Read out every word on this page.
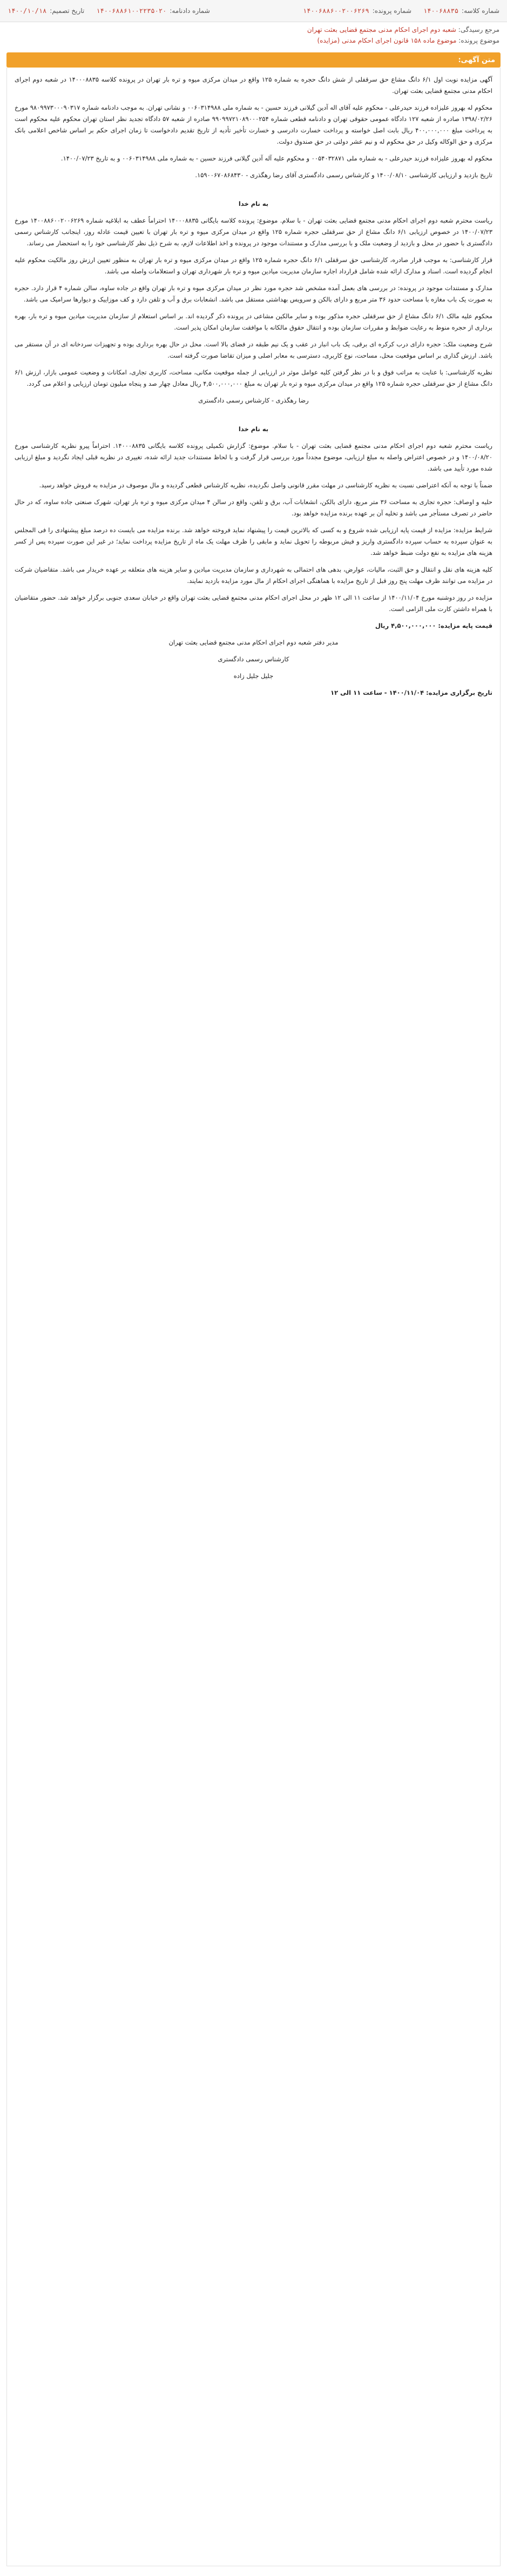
شماره کلاسه:
۱۴۰۰۶۸۸۳۵
شماره پرونده:
۱۴۰۰۶۸۸۶۰۰۲۰۰۶۲۶۹
شماره دادنامه:
۱۴۰۰۶۸۸۶۱۰۰۲۲۳۵۰۲۰
تاریخ تصمیم:
۱۴۰۰/۱۰/۱۸
مرجع رسیدگی: شعبه دوم اجرای احکام مدنی مجتمع قضایی بعثت تهران
موضوع پرونده: موضوع ماده ۱۵۸ قانون اجرای احکام مدنی (مزایده)
متن آگهی:

آگهی مزایده نوبت اول ۶/۱ دانگ مشاع حق سرقفلی از شش دانگ حجره به شماره ۱۲۵ واقع در میدان مرکزی میوه و تره بار تهران در پرونده کلاسه ۱۴۰۰۰۸۸۳۵ در شعبه دوم اجرای احکام مدنی مجتمع قضایی بعثت تهران.

محکوم له بهروز علیزاده فرزند حیدرعلی - محکوم علیه آقای اله آدین گیلانی فرزند حسین - به شماره ملی ۰۰۶۰۳۱۴۹۸۸ و نشانی تهران. به موجب دادنامه شماره ۹۸۰۹۹۷۳۰۰۰۹۰۳۱۷ مورخ ۱۳۹۸/۰۲/۲۶ صادره از شعبه ۱۲۷ دادگاه عمومی حقوقی تهران و دادنامه قطعی شماره ۹۹۰۹۹۷۲۱۰۸۹۰۰۰۲۵۴ صادره از شعبه ۵۷ دادگاه تجدید نظر استان تهران محکوم علیه محکوم است به پرداخت مبلغ ۴۰۰,۰۰۰,۰۰۰ ریال بابت اصل خواسته و پرداخت خسارت دادرسی و خسارت تأخیر تأدیه از تاریخ تقدیم دادخواست تا زمان اجرای حکم بر اساس شاخص اعلامی بانک مرکزی و حق الوکاله وکیل در حق محکوم له و نیم عشر دولتی در حق صندوق دولت.

محکوم له بهروز علیزاده فرزند حیدرعلی - به شماره ملی ۰۰۵۴۰۳۲۸۷۱ و محکوم علیه آله آدین گیلانی فرزند حسین - به شماره ملی ۰۰۶۰۳۱۴۹۸۸ و به تاریخ ۱۴۰۰/۰۷/۲۳.

تاریخ بازدید و ارزیابی کارشناسی ۱۴۰۰/۰۸/۱۰ و کارشناس رسمی دادگستری آقای رضا رهگذری - ۱۵۹۰۰۶۷۰۸۶۸۴۳۰.

به نام خدا

ریاست محترم شعبه دوم اجرای احکام مدنی مجتمع قضایی بعثت تهران - با سلام. موضوع: پرونده کلاسه بایگانی ۱۴۰۰۰۸۸۳۵ احتراماً عطف به ابلاغیه شماره ۱۴۰۰۸۸۶۰۰۲۰۰۶۲۶۹ مورخ ۱۴۰۰/۰۷/۲۳ در خصوص ارزیابی ۶/۱ دانگ مشاع از حق سرقفلی حجره شماره ۱۲۵ واقع در میدان مرکزی میوه و تره بار تهران با تعیین قیمت عادله روز، اینجانب کارشناس رسمی دادگستری با حضور در محل و بازدید از وضعیت ملک و با بررسی مدارک و مستندات موجود در پرونده و اخذ اطلاعات لازم، به شرح ذیل نظر کارشناسی خود را به استحضار می رساند.

قرار کارشناسی: به موجب قرار صادره، کارشناسی حق سرقفلی ۶/۱ دانگ حجره شماره ۱۲۵ واقع در میدان مرکزی میوه و تره بار تهران به منظور تعیین ارزش روز مالکیت محکوم علیه انجام گردیده است. اسناد و مدارک ارائه شده شامل قرارداد اجاره سازمان مدیریت میادین میوه و تره بار شهرداری تهران و استعلامات واصله می باشد.

مدارک و مستندات موجود در پرونده: در بررسی های بعمل آمده مشخص شد حجره مورد نظر در میدان مرکزی میوه و تره بار تهران واقع در جاده ساوه، سالن شماره ۴ قرار دارد. حجره به صورت یک باب مغازه با مساحت حدود ۳۶ متر مربع و دارای بالکن و سرویس بهداشتی مستقل می باشد. انشعابات برق و آب و تلفن دارد و کف موزاییک و دیوارها سرامیک می باشد.

محکوم علیه مالک ۶/۱ دانگ مشاع از حق سرقفلی حجره مذکور بوده و سایر مالکین مشاعی در پرونده ذکر گردیده اند. بر اساس استعلام از سازمان مدیریت میادین میوه و تره بار، بهره برداری از حجره منوط به رعایت ضوابط و مقررات سازمان بوده و انتقال حقوق مالکانه با موافقت سازمان امکان پذیر است.

شرح وضعیت ملک: حجره دارای درب کرکره ای برقی، یک باب انبار در عقب و یک نیم طبقه در فضای بالا است. محل در حال بهره برداری بوده و تجهیزات سردخانه ای در آن مستقر می باشد. ارزش گذاری بر اساس موقعیت محل، مساحت، نوع کاربری، دسترسی به معابر اصلی و میزان تقاضا صورت گرفته است.

نظریه کارشناسی: با عنایت به مراتب فوق و با در نظر گرفتن کلیه عوامل موثر در ارزیابی از جمله موقعیت مکانی، مساحت، کاربری تجاری، امکانات و وضعیت عمومی بازار، ارزش ۶/۱ دانگ مشاع از حق سرقفلی حجره شماره ۱۲۵ واقع در میدان مرکزی میوه و تره بار تهران به مبلغ ۴,۵۰۰,۰۰۰,۰۰۰ ریال معادل چهار صد و پنجاه میلیون تومان ارزیابی و اعلام می گردد.

رضا رهگذری - کارشناس رسمی دادگستری

به نام خدا

ریاست محترم شعبه دوم اجرای احکام مدنی مجتمع قضایی بعثت تهران - با سلام. موضوع: گزارش تکمیلی پرونده کلاسه بایگانی ۱۴۰۰۰۸۸۳۵. احتراماً پیرو نظریه کارشناسی مورخ ۱۴۰۰/۰۸/۲۰ و در خصوص اعتراض واصله به مبلغ ارزیابی، موضوع مجدداً مورد بررسی قرار گرفت و با لحاظ مستندات جدید ارائه شده، تغییری در نظریه قبلی ایجاد نگردید و مبلغ ارزیابی شده مورد تأیید می باشد.

ضمناً با توجه به آنکه اعتراضی نسبت به نظریه کارشناسی در مهلت مقرر قانونی واصل نگردیده، نظریه کارشناس قطعی گردیده و مال موصوف در مزایده به فروش خواهد رسید.

حلیه و اوصاف: حجره تجاری به مساحت ۳۶ متر مربع، دارای بالکن، انشعابات آب، برق و تلفن، واقع در سالن ۴ میدان مرکزی میوه و تره بار تهران، شهرک صنعتی جاده ساوه، که در حال حاضر در تصرف مستأجر می باشد و تخلیه آن بر عهده برنده مزایده خواهد بود.

شرایط مزایده: مزایده از قیمت پایه ارزیابی شده شروع و به کسی که بالاترین قیمت را پیشنهاد نماید فروخته خواهد شد. برنده مزایده می بایست ده درصد مبلغ پیشنهادی را فی المجلس به عنوان سپرده به حساب سپرده دادگستری واریز و فیش مربوطه را تحویل نماید و مابقی را ظرف مهلت یک ماه از تاریخ مزایده پرداخت نماید؛ در غیر این صورت سپرده پس از کسر هزینه های مزایده به نفع دولت ضبط خواهد شد.

کلیه هزینه های نقل و انتقال و حق الثبت، مالیات، عوارض، بدهی های احتمالی به شهرداری و سازمان مدیریت میادین و سایر هزینه های متعلقه بر عهده خریدار می باشد. متقاضیان شرکت در مزایده می توانند ظرف مهلت پنج روز قبل از تاریخ مزایده با هماهنگی اجرای احکام از مال مورد مزایده بازدید نمایند.

مزایده در روز دوشنبه مورخ ۱۴۰۰/۱۱/۰۴ از ساعت ۱۱ الی ۱۲ ظهر در محل اجرای احکام مدنی مجتمع قضایی بعثت تهران واقع در خیابان سعدی جنوبی برگزار خواهد شد. حضور متقاضیان با همراه داشتن کارت ملی الزامی است.

قیمت پایه مزایده: ۴,۵۰۰,۰۰۰,۰۰۰ ریال

مدیر دفتر شعبه دوم اجرای احکام مدنی مجتمع قضایی بعثت تهران

کارشناس رسمی دادگستری

جلیل جلیل زاده

تاریخ برگزاری مزایده: ۱۴۰۰/۱۱/۰۴ - ساعت ۱۱ الی ۱۲
